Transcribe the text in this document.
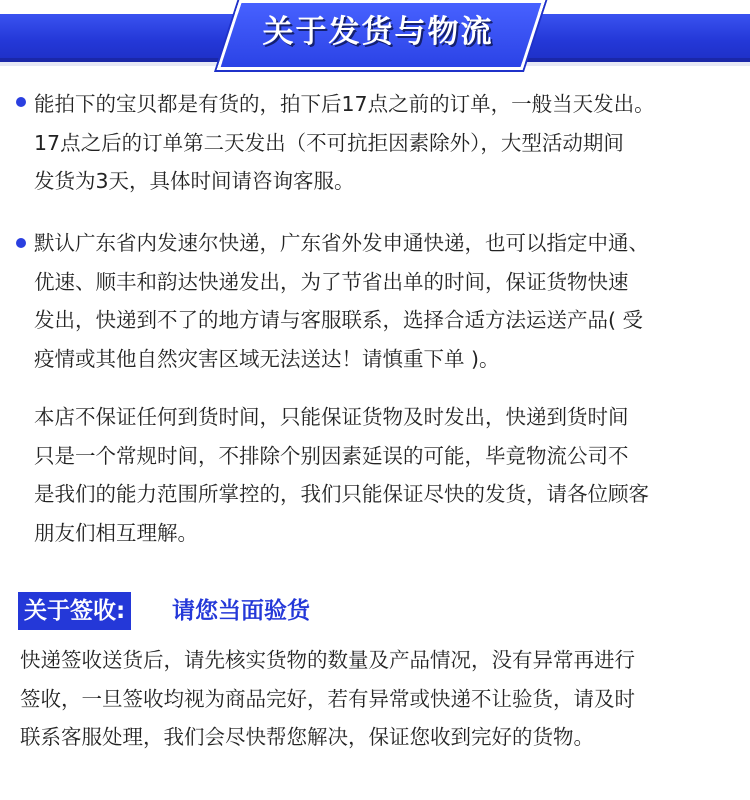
关于发货与物流

能拍下的宝贝都是有货的，拍下后17点之前的订单，一般当天发出。

17点之后的订单第二天发出（不可抗拒因素除外），大型活动期间

发货为3天，具体时间请咨询客服。

默认广东省内发速尔快递，广东省外发申通快递，也可以指定中通、

优速、顺丰和韵达快递发出，为了节省出单的时间，保证货物快速

发出，快递到不了的地方请与客服联系，选择合适方法运送产品( 受

疫情或其他自然灾害区域无法送达！请慎重下单 )。

本店不保证任何到货时间，只能保证货物及时发出，快递到货时间

只是一个常规时间，不排除个别因素延误的可能，毕竟物流公司不

是我们的能力范围所掌控的，我们只能保证尽快的发货，请各位顾客

朋友们相互理解。

关于签收: 请您当面验货

快递签收送货后，请先核实货物的数量及产品情况，没有异常再进行

签收，一旦签收均视为商品完好，若有异常或快递不让验货，请及时

联系客服处理，我们会尽快帮您解决，保证您收到完好的货物。
